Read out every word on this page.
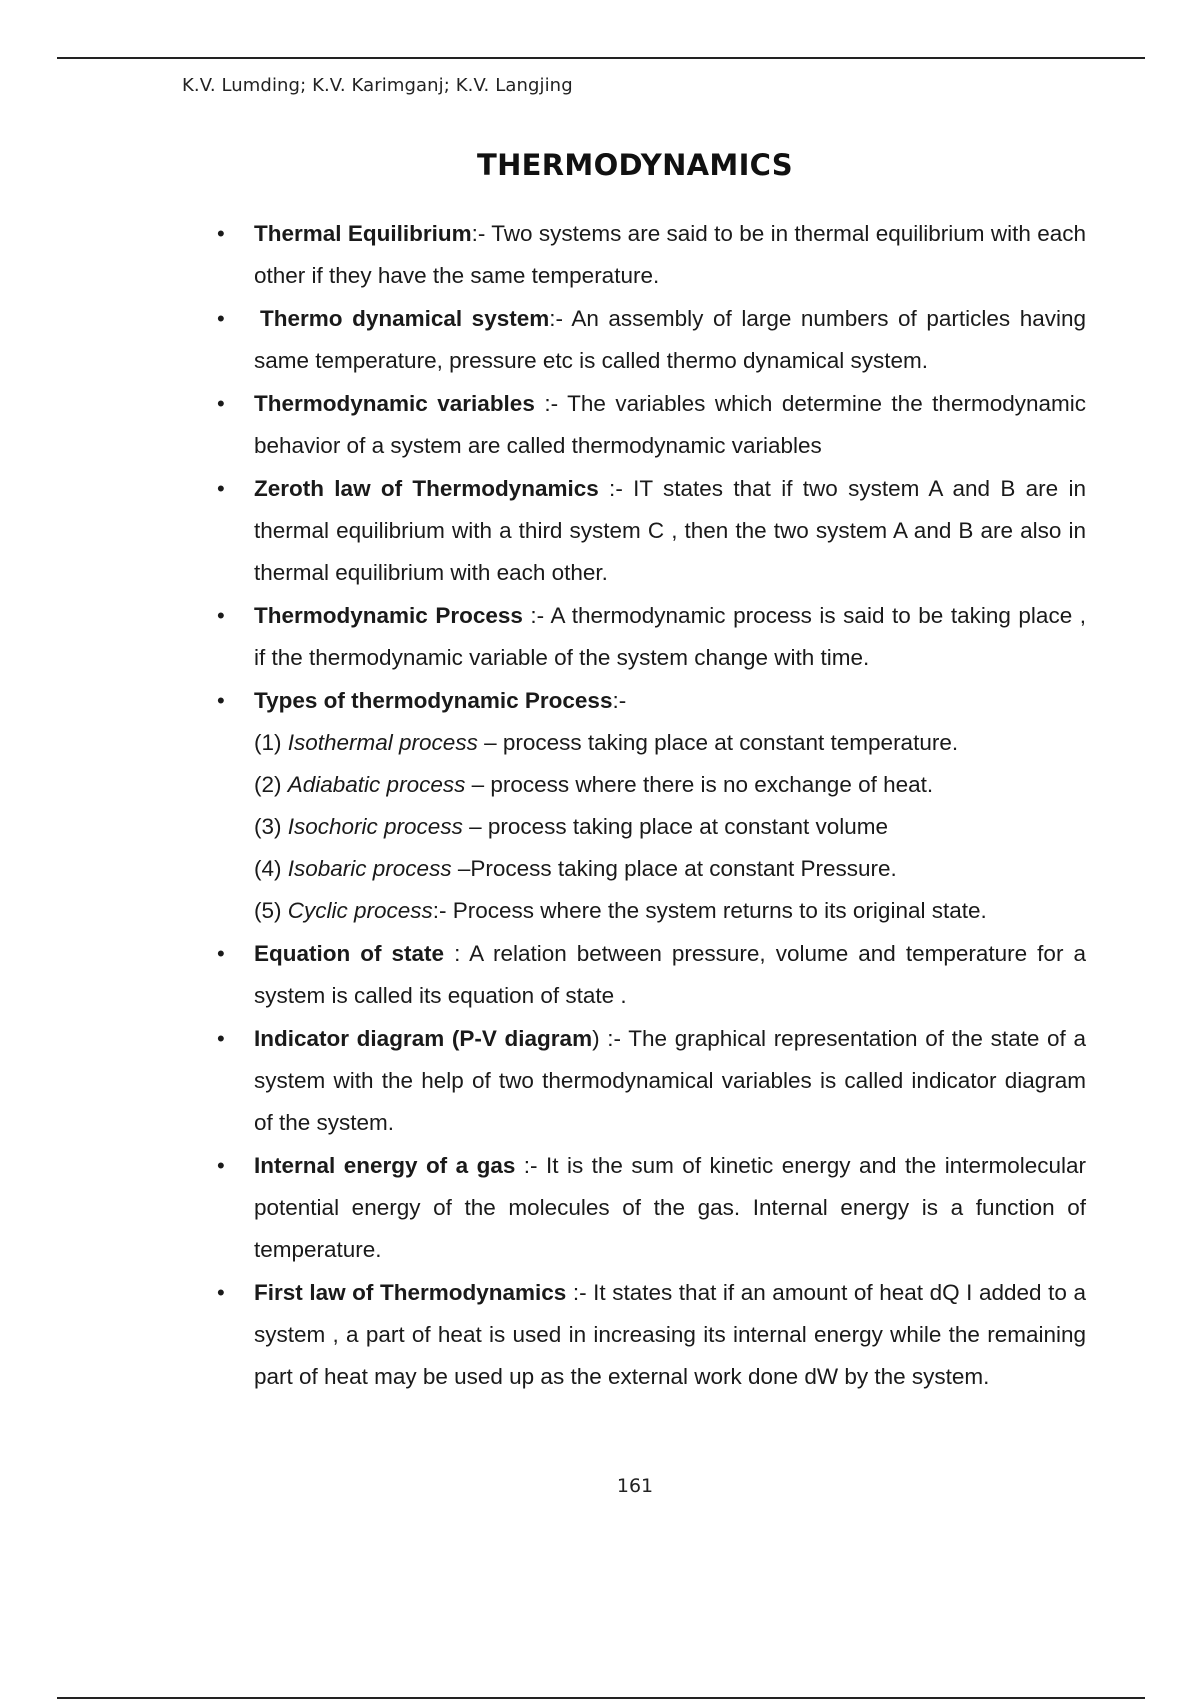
K.V. Lumding; K.V. Karimganj; K.V. Langjing
THERMODYNAMICS
• Thermal Equilibrium:- Two systems are said to be in thermal equilibrium with each other if they have the same temperature.
• Thermo dynamical system:- An assembly of large numbers of particles having same temperature, pressure etc is called thermo dynamical system.
• Thermodynamic variables :- The variables which determine the thermodynamic behavior of a system are called thermodynamic variables
• Zeroth law of Thermodynamics :- IT states that if two system A and B are in thermal equilibrium with a third system C , then the two system A and B are also in thermal equilibrium with each other.
• Thermodynamic Process :- A thermodynamic process is said to be taking place , if the thermodynamic variable of the system change with time.
• Types of thermodynamic Process:-
(1) Isothermal process – process taking place at constant temperature.
(2) Adiabatic process – process where there is no exchange of heat.
(3) Isochoric process – process taking place at constant volume
(4) Isobaric process –Process taking place at constant Pressure.
(5) Cyclic process:- Process where the system returns to its original state.
• Equation of state : A relation between pressure, volume and temperature for a system is called its equation of state .
• Indicator diagram (P-V diagram) :- The graphical representation of the state of a system with the help of two thermodynamical variables is called indicator diagram of the system.
• Internal energy of a gas :- It is the sum of kinetic energy and the intermolecular potential energy of the molecules of the gas. Internal energy is a function of temperature.
• First law of Thermodynamics :- It states that if an amount of heat dQ I added to a system , a part of heat is used in increasing its internal energy while the remaining part of heat may be used up as the external work done dW by the system.
161
